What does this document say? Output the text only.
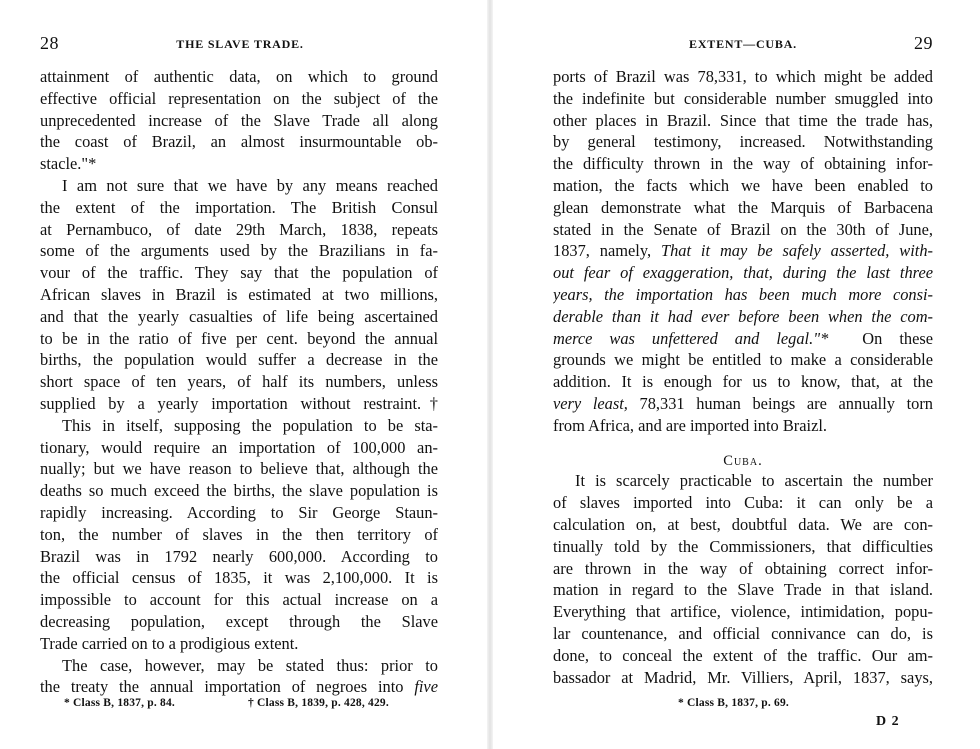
28	THE SLAVE TRADE.
attainment of authentic data, on which to ground
effective official representation on the subject of the
unprecedented increase of the Slave Trade all along
the coast of Brazil, an almost insurmountable ob-
stacle."*
I am not sure that we have by any means reached
the extent of the importation. The British Consul
at Pernambuco, of date 29th March, 1838, repeats
some of the arguments used by the Brazilians in fa-
vour of the traffic. They say that the population of
African slaves in Brazil is estimated at two millions,
and that the yearly casualties of life being ascertained
to be in the ratio of five per cent. beyond the annual
births, the population would suffer a decrease in the
short space of ten years, of half its numbers, unless
supplied by a yearly importation without restraint.†
This in itself, supposing the population to be sta-
tionary, would require an importation of 100,000 an-
nually; but we have reason to believe that, although the
deaths so much exceed the births, the slave population is
rapidly increasing. According to Sir George Staun-
ton, the number of slaves in the then territory of
Brazil was in 1792 nearly 600,000. According to
the official census of 1835, it was 2,100,000. It is
impossible to account for this actual increase on a
decreasing population, except through the Slave
Trade carried on to a prodigious extent.
The case, however, may be stated thus: prior to
the treaty the annual importation of negroes into five
* Class B, 1837, p. 84.	† Class B, 1839, p. 428, 429.
EXTENT—CUBA.	29
ports of Brazil was 78,331, to which might be added
the indefinite but considerable number smuggled into
other places in Brazil. Since that time the trade has,
by general testimony, increased. Notwithstanding
the difficulty thrown in the way of obtaining infor-
mation, the facts which we have been enabled to
glean demonstrate what the Marquis of Barbacena
stated in the Senate of Brazil on the 30th of June,
1837, namely, That it may be safely asserted, with-
out fear of exaggeration, that, during the last three
years, the importation has been much more consi-
derable than it had ever before been when the com-
merce was unfettered and legal."* On these
grounds we might be entitled to make a considerable
addition. It is enough for us to know, that, at the
very least, 78,331 human beings are annually torn
from Africa, and are imported into Braizl.
Cuba.
It is scarcely practicable to ascertain the number
of slaves imported into Cuba: it can only be a
calculation on, at best, doubtful data. We are con-
tinually told by the Commissioners, that difficulties
are thrown in the way of obtaining correct infor-
mation in regard to the Slave Trade in that island.
Everything that artifice, violence, intimidation, popu-
lar countenance, and official connivance can do, is
done, to conceal the extent of the traffic. Our am-
bassador at Madrid, Mr. Villiers, April, 1837, says,
* Class B, 1837, p. 69.
D 2
